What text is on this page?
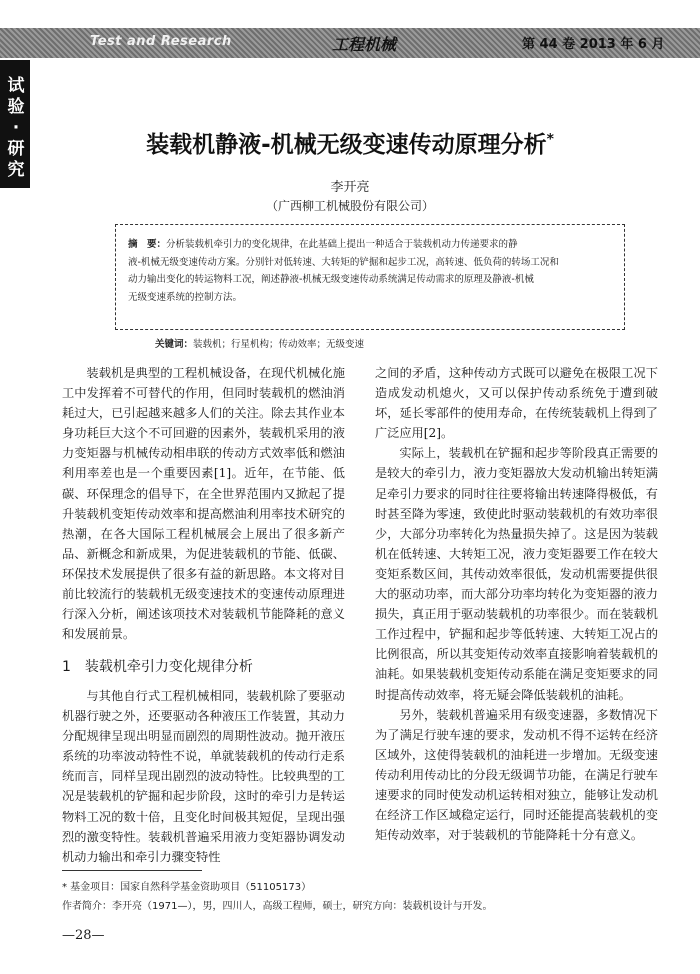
Test and Research	工程机械	第 44 卷 2013 年 6 月
试验·研究
装载机静液-机械无级变速传动原理分析*
李开亮
（广西柳工机械股份有限公司）
摘　要：分析装载机牵引力的变化规律，在此基础上提出一种适合于装载机动力传递要求的静
液-机械无级变速传动方案。分别针对低转速、大转矩的铲掘和起步工况，高转速、低负荷的转场工况和
动力输出变化的转运物料工况，阐述静液-机械无级变速传动系统满足传动需求的原理及静液-机械
无级变速系统的控制方法。
关键词：装载机；行星机构；传动效率；无级变速

装载机是典型的工程机械设备，在现代机械化施工中发挥着不可替代的作用，但同时装载机的燃油消耗过大，已引起越来越多人们的关注。除去其作业本身功耗巨大这个不可回避的因素外，装载机采用的液力变矩器与机械传动相串联的传动方式效率低和燃油利用率差也是一个重要因素[1]。近年，在节能、低碳、环保理念的倡导下，在全世界范围内又掀起了提升装载机变矩传动效率和提高燃油利用率技术研究的热潮，在各大国际工程机械展会上展出了很多新产品、新概念和新成果，为促进装载机的节能、低碳、环保技术发展提供了很多有益的新思路。本文将对目前比较流行的装载机无级变速技术的变速传动原理进行深入分析，阐述该项技术对装载机节能降耗的意义和发展前景。

1　装载机牵引力变化规律分析

与其他自行式工程机械相同，装载机除了要驱动机器行驶之外，还要驱动各种液压工作装置，其动力分配规律呈现出明显而剧烈的周期性波动。抛开液压系统的功率波动特性不说，单就装载机的传动行走系统而言，同样呈现出剧烈的波动特性。比较典型的工况是装载机的铲掘和起步阶段，这时的牵引力是转运物料工况的数十倍，且变化时间极其短促，呈现出强烈的激变特性。装载机普遍采用液力变矩器协调发动机动力输出和牵引力骤变特性

之间的矛盾，这种传动方式既可以避免在极限工况下造成发动机熄火，又可以保护传动系统免于遭到破坏，延长零部件的使用寿命，在传统装载机上得到了广泛应用[2]。

实际上，装载机在铲掘和起步等阶段真正需要的是较大的牵引力，液力变矩器放大发动机输出转矩满足牵引力要求的同时往往要将输出转速降得极低，有时甚至降为零速，致使此时驱动装载机的有效功率很少，大部分功率转化为热量损失掉了。这是因为装载机在低转速、大转矩工况，液力变矩器要工作在较大变矩系数区间，其传动效率很低，发动机需要提供很大的驱动功率，而大部分功率均转化为变矩器的液力损失，真正用于驱动装载机的功率很少。而在装载机工作过程中，铲掘和起步等低转速、大转矩工况占的比例很高，所以其变矩传动效率直接影响着装载机的油耗。如果装载机变矩传动系能在满足变矩要求的同时提高传动效率，将无疑会降低装载机的油耗。

另外，装载机普遍采用有级变速器，多数情况下为了满足行驶车速的要求，发动机不得不运转在经济区域外，这使得装载机的油耗进一步增加。无级变速传动利用传动比的分段无级调节功能，在满足行驶车速要求的同时使发动机运转相对独立，能够让发动机在经济工作区域稳定运行，同时还能提高装载机的变矩传动效率，对于装载机的节能降耗十分有意义。

* 基金项目：国家自然科学基金资助项目（51105173）
作者简介：李开亮（1971—），男，四川人，高级工程师，硕士，研究方向：装载机设计与开发。
—28—
